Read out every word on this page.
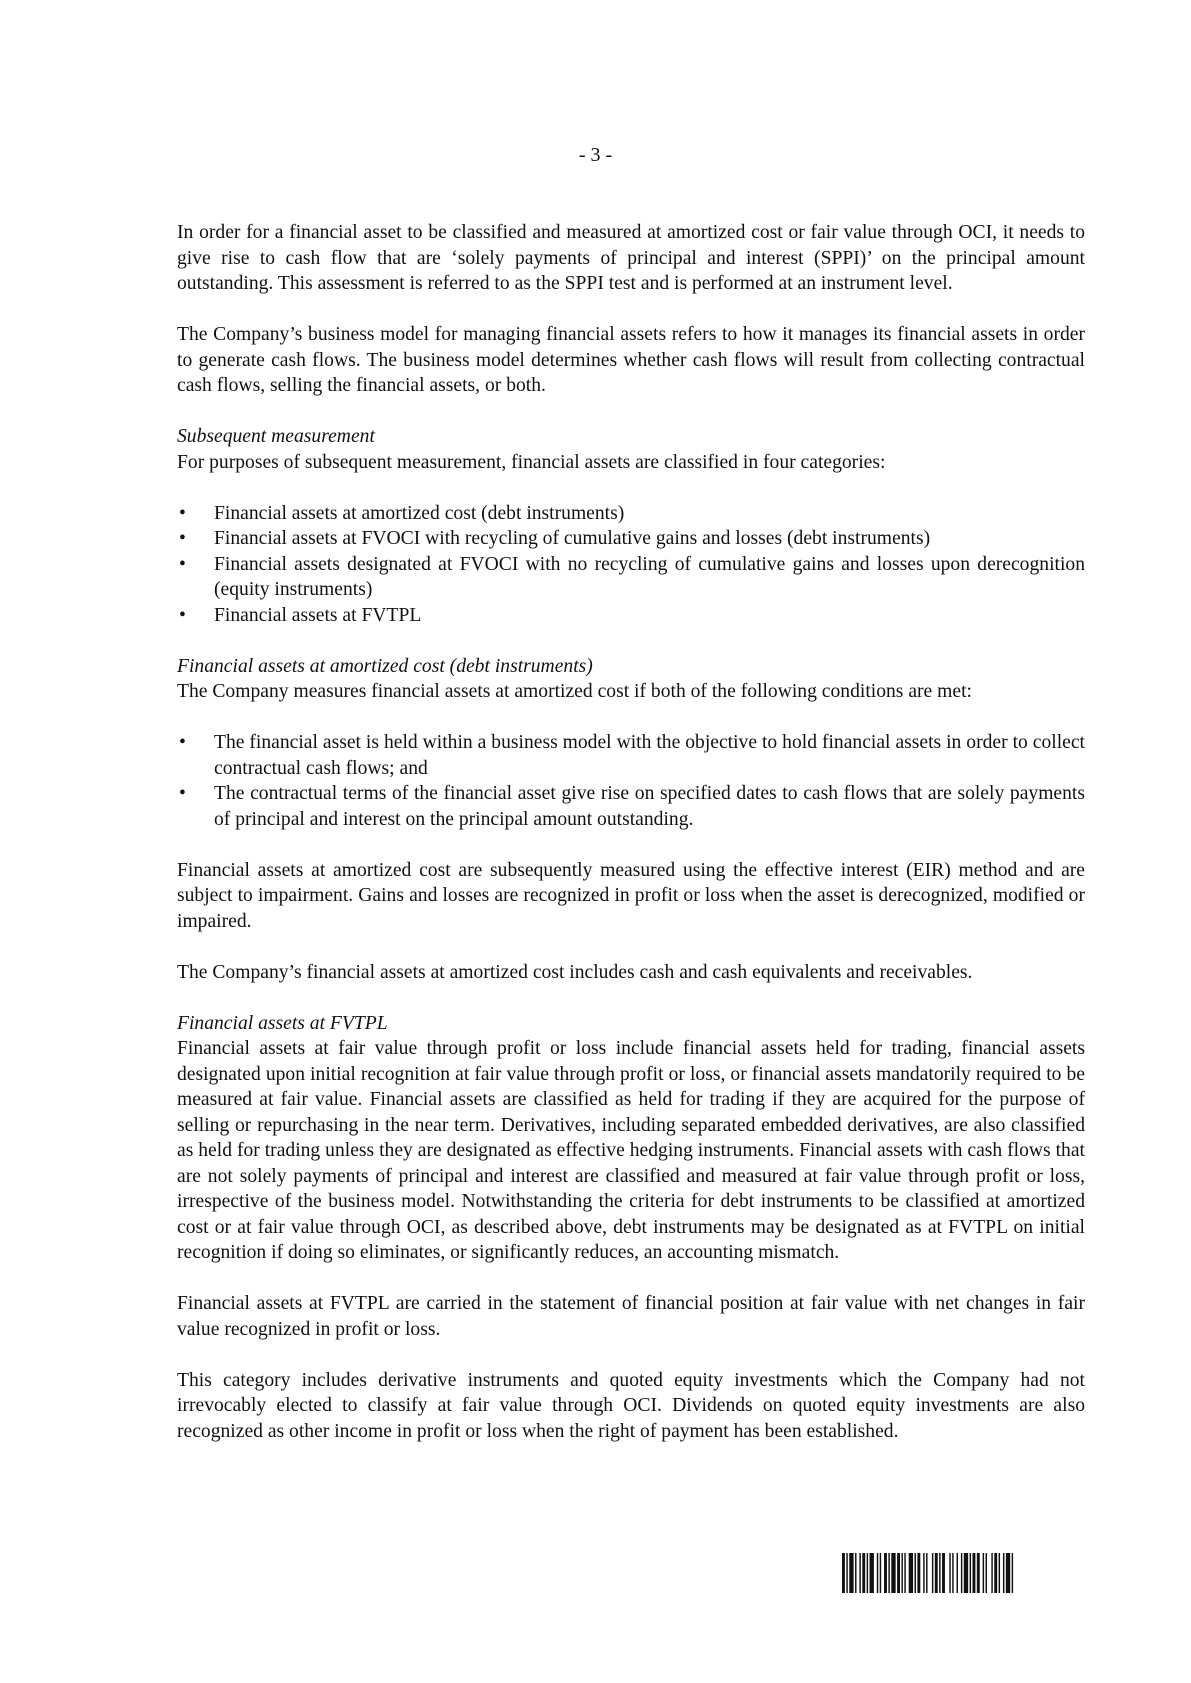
- 3 -

In order for a financial asset to be classified and measured at amortized cost or fair value through OCI, it needs to give rise to cash flow that are ‘solely payments of principal and interest (SPPI)’ on the principal amount outstanding. This assessment is referred to as the SPPI test and is performed at an instrument level.

The Company’s business model for managing financial assets refers to how it manages its financial assets in order to generate cash flows. The business model determines whether cash flows will result from collecting contractual cash flows, selling the financial assets, or both.

Subsequent measurement

For purposes of subsequent measurement, financial assets are classified in four categories:

• Financial assets at amortized cost (debt instruments)
• Financial assets at FVOCI with recycling of cumulative gains and losses (debt instruments)
• Financial assets designated at FVOCI with no recycling of cumulative gains and losses upon derecognition (equity instruments)
• Financial assets at FVTPL

Financial assets at amortized cost (debt instruments)

The Company measures financial assets at amortized cost if both of the following conditions are met:

• The financial asset is held within a business model with the objective to hold financial assets in order to collect contractual cash flows; and
• The contractual terms of the financial asset give rise on specified dates to cash flows that are solely payments of principal and interest on the principal amount outstanding.

Financial assets at amortized cost are subsequently measured using the effective interest (EIR) method and are subject to impairment. Gains and losses are recognized in profit or loss when the asset is derecognized, modified or impaired.

The Company’s financial assets at amortized cost includes cash and cash equivalents and receivables.

Financial assets at FVTPL

Financial assets at fair value through profit or loss include financial assets held for trading, financial assets designated upon initial recognition at fair value through profit or loss, or financial assets mandatorily required to be measured at fair value. Financial assets are classified as held for trading if they are acquired for the purpose of selling or repurchasing in the near term. Derivatives, including separated embedded derivatives, are also classified as held for trading unless they are designated as effective hedging instruments. Financial assets with cash flows that are not solely payments of principal and interest are classified and measured at fair value through profit or loss, irrespective of the business model. Notwithstanding the criteria for debt instruments to be classified at amortized cost or at fair value through OCI, as described above, debt instruments may be designated as at FVTPL on initial recognition if doing so eliminates, or significantly reduces, an accounting mismatch.

Financial assets at FVTPL are carried in the statement of financial position at fair value with net changes in fair value recognized in profit or loss.

This category includes derivative instruments and quoted equity investments which the Company had not irrevocably elected to classify at fair value through OCI. Dividends on quoted equity investments are also recognized as other income in profit or loss when the right of payment has been established.
